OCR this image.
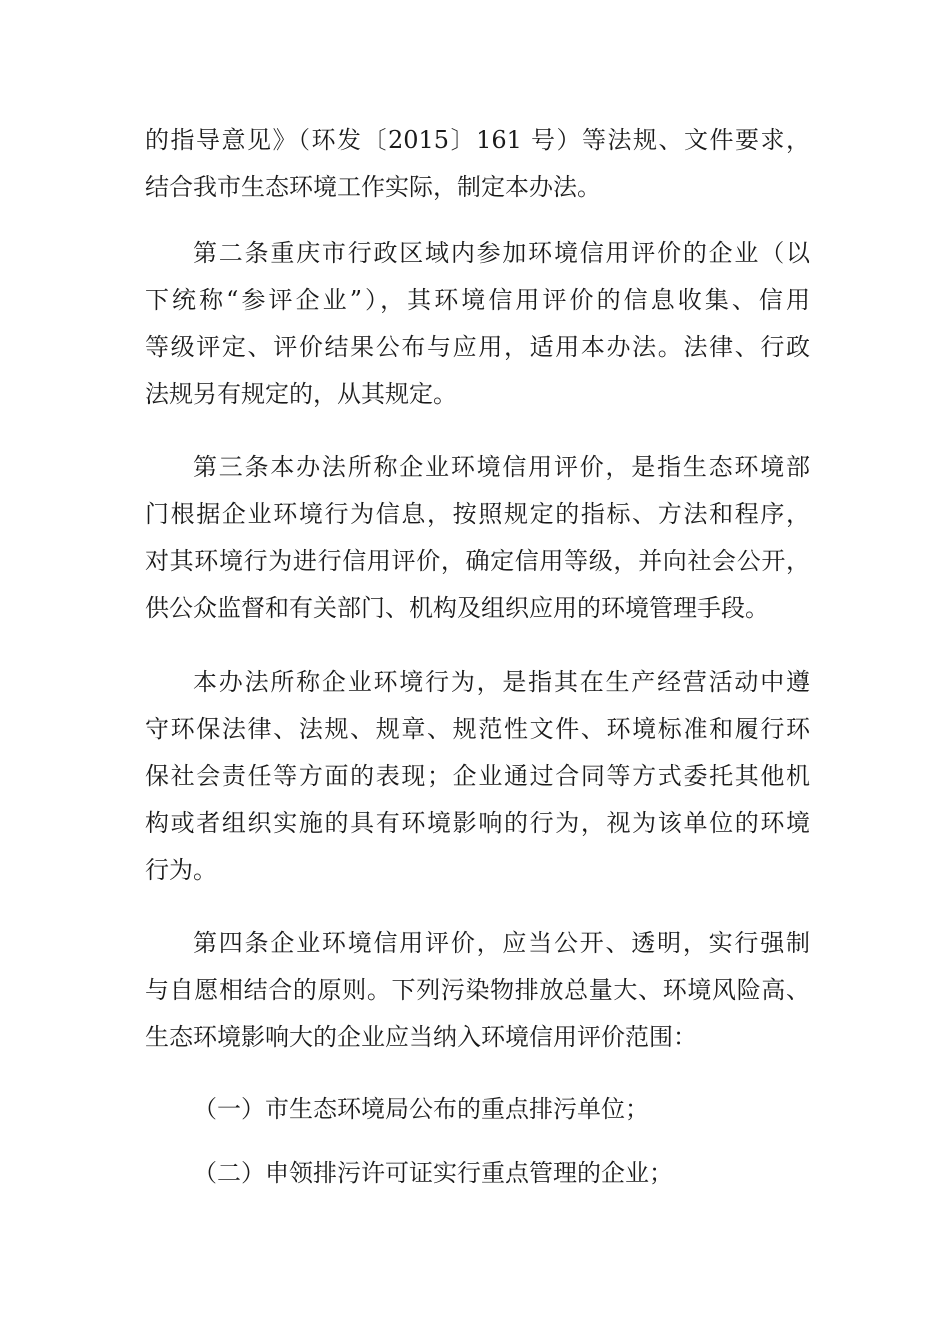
的指导意见》（环发〔2015〕161 号）等法规、文件要求，
结合我市生态环境工作实际，制定本办法。
第二条重庆市行政区域内参加环境信用评价的企业（以
下统称“参评企业”），其环境信用评价的信息收集、信用
等级评定、评价结果公布与应用，适用本办法。法律、行政
法规另有规定的，从其规定。
第三条本办法所称企业环境信用评价，是指生态环境部
门根据企业环境行为信息，按照规定的指标、方法和程序，
对其环境行为进行信用评价，确定信用等级，并向社会公开，
供公众监督和有关部门、机构及组织应用的环境管理手段。
本办法所称企业环境行为，是指其在生产经营活动中遵
守环保法律、法规、规章、规范性文件、环境标准和履行环
保社会责任等方面的表现；企业通过合同等方式委托其他机
构或者组织实施的具有环境影响的行为，视为该单位的环境
行为。
第四条企业环境信用评价，应当公开、透明，实行强制
与自愿相结合的原则。下列污染物排放总量大、环境风险高、
生态环境影响大的企业应当纳入环境信用评价范围：
（一）市生态环境局公布的重点排污单位；
（二）申领排污许可证实行重点管理的企业；
